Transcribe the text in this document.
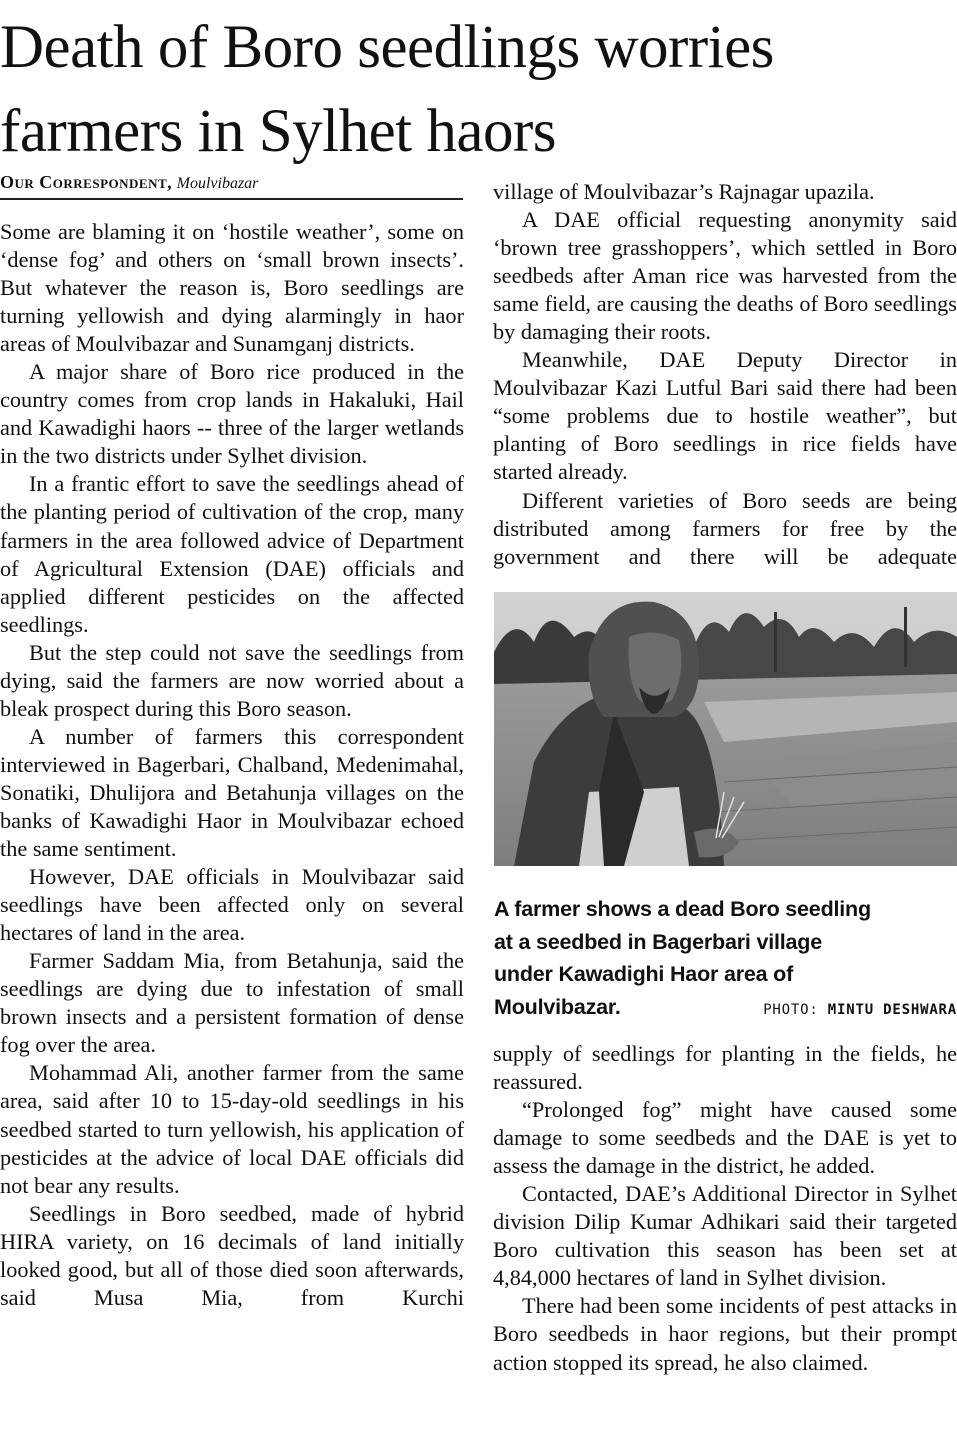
Death of Boro seedlings worries
farmers in Sylhet haors
Our Correspondent, Moulvibazar

Some are blaming it on ‘hostile weather’, some on ‘dense fog’ and others on ‘small brown insects’. But whatever the reason is, Boro seedlings are turning yellowish and dying alarmingly in haor areas of Moulvibazar and Sunamganj districts.

A major share of Boro rice produced in the country comes from crop lands in Hakaluki, Hail and Kawadighi haors -- three of the larger wetlands in the two districts under Sylhet division.

In a frantic effort to save the seedlings ahead of the planting period of cultivation of the crop, many farmers in the area followed advice of Department of Agricultural Extension (DAE) officials and applied different pesticides on the affected seedlings.

But the step could not save the seedlings from dying, said the farmers are now worried about a bleak prospect during this Boro season.

A number of farmers this correspondent interviewed in Bagerbari, Chalband, Medenimahal, Sonatiki, Dhulijora and Betahunja villages on the banks of Kawadighi Haor in Moulvibazar echoed the same sentiment.

However, DAE officials in Moulvibazar said seedlings have been affected only on several hectares of land in the area.

Farmer Saddam Mia, from Betahunja, said the seedlings are dying due to infestation of small brown insects and a persistent formation of dense fog over the area.

Mohammad Ali, another farmer from the same area, said after 10 to 15-day-old seedlings in his seedbed started to turn yellowish, his application of pesticides at the advice of local DAE officials did not bear any results.

Seedlings in Boro seedbed, made of hybrid HIRA variety, on 16 decimals of land initially looked good, but all of those died soon afterwards, said Musa Mia, from Kurchi

village of Moulvibazar’s Rajnagar upazila.

A DAE official requesting anonymity said ‘brown tree grasshoppers’, which settled in Boro seedbeds after Aman rice was harvested from the same field, are causing the deaths of Boro seedlings by damaging their roots.

Meanwhile, DAE Deputy Director in Moulvibazar Kazi Lutful Bari said there had been “some problems due to hostile weather”, but planting of Boro seedlings in rice fields have started already.

Different varieties of Boro seeds are being distributed among farmers for free by the government and there will be adequate

A farmer shows a dead Boro seedling
at a seedbed in Bagerbari village
under Kawadighi Haor area of
Moulvibazar.	PHOTO: MINTU DESHWARA

supply of seedlings for planting in the fields, he reassured.

“Prolonged fog” might have caused some damage to some seedbeds and the DAE is yet to assess the damage in the district, he added.

Contacted, DAE’s Additional Director in Sylhet division Dilip Kumar Adhikari said their targeted Boro cultivation this season has been set at 4,84,000 hectares of land in Sylhet division.

There had been some incidents of pest attacks in Boro seedbeds in haor regions, but their prompt action stopped its spread, he also claimed.
